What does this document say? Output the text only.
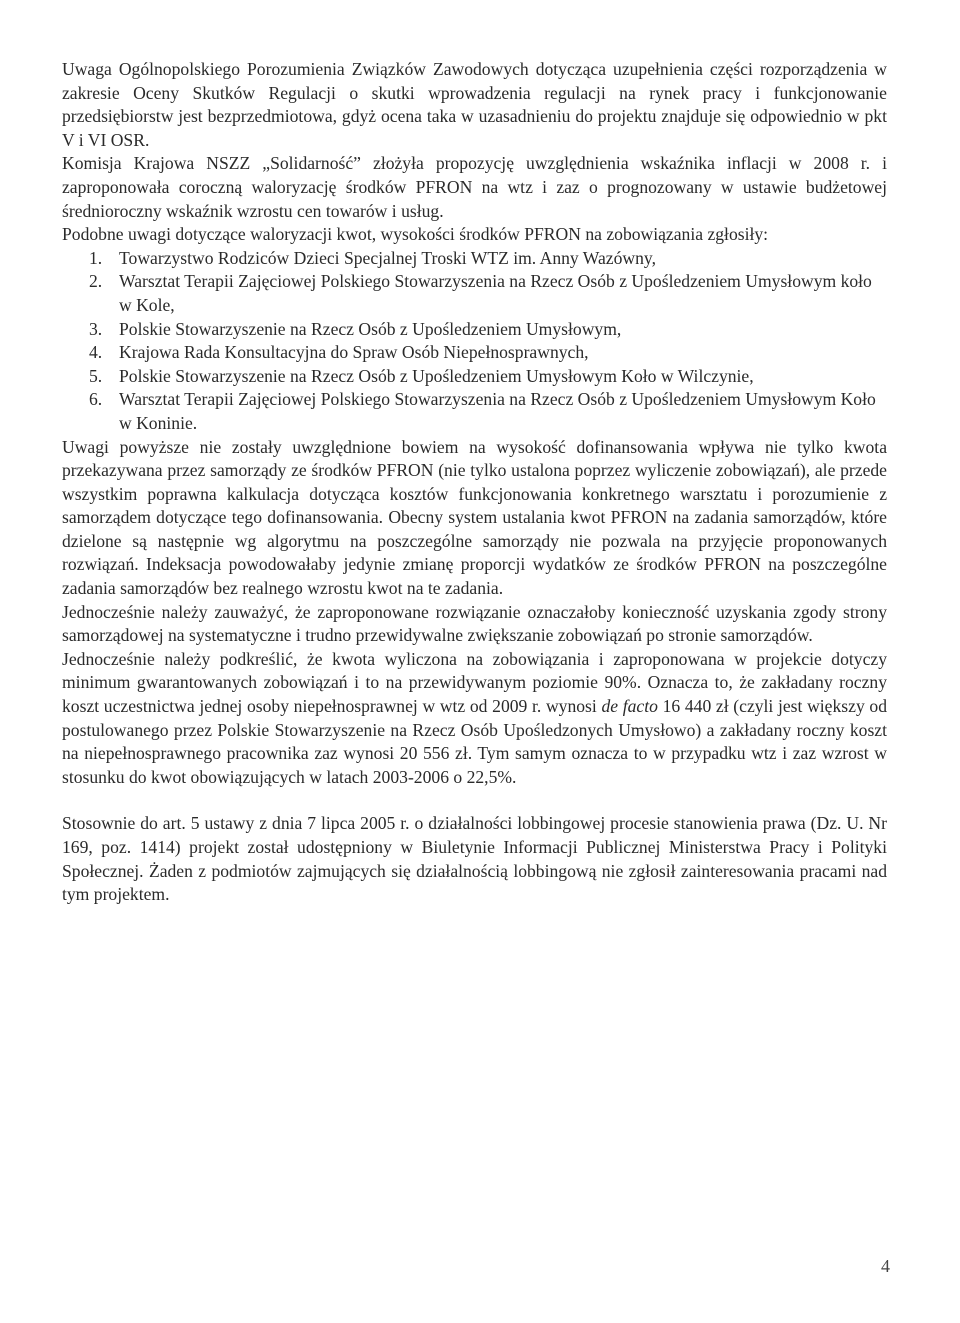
Uwaga Ogólnopolskiego Porozumienia Związków Zawodowych dotycząca uzupełnienia części rozporządzenia w zakresie Oceny Skutków Regulacji o skutki wprowadzenia regulacji na rynek pracy i funkcjonowanie przedsiębiorstw jest bezprzedmiotowa, gdyż ocena taka w uzasadnieniu do projektu znajduje się odpowiednio w pkt V i VI OSR.

Komisja Krajowa NSZZ „Solidarność” złożyła propozycję uwzględnienia wskaźnika inflacji w 2008 r. i zaproponowała coroczną waloryzację środków PFRON na wtz i zaz o prognozowany w ustawie budżetowej średnioroczny wskaźnik wzrostu cen towarów i usług.

Podobne uwagi dotyczące waloryzacji kwot, wysokości środków PFRON na zobowiązania zgłosiły:

1. Towarzystwo Rodziców Dzieci Specjalnej Troski WTZ im. Anny Wazówny,
2. Warsztat Terapii Zajęciowej Polskiego Stowarzyszenia na Rzecz Osób z Upośledzeniem Umysłowym koło w Kole,
3. Polskie Stowarzyszenie na Rzecz Osób z Upośledzeniem Umysłowym,
4. Krajowa Rada Konsultacyjna do Spraw Osób Niepełnosprawnych,
5. Polskie Stowarzyszenie na Rzecz Osób z Upośledzeniem Umysłowym Koło w Wilczynie,
6. Warsztat Terapii Zajęciowej Polskiego Stowarzyszenia na Rzecz Osób z Upośledzeniem Umysłowym Koło w Koninie.

Uwagi powyższe nie zostały uwzględnione bowiem na wysokość dofinansowania wpływa nie tylko kwota przekazywana przez samorządy ze środków PFRON (nie tylko ustalona poprzez wyliczenie zobowiązań), ale przede wszystkim poprawna kalkulacja dotycząca kosztów funkcjonowania konkretnego warsztatu i porozumienie z samorządem dotyczące tego dofinansowania. Obecny system ustalania kwot PFRON na zadania samorządów, które dzielone są następnie wg algorytmu na poszczególne samorządy nie pozwala na przyjęcie proponowanych rozwiązań. Indeksacja powodowałaby jedynie zmianę proporcji wydatków ze środków PFRON na poszczególne zadania samorządów bez realnego wzrostu kwot na te zadania.

Jednocześnie należy zauważyć, że zaproponowane rozwiązanie oznaczałoby konieczność uzyskania zgody strony samorządowej na systematyczne i trudno przewidywalne zwiększanie zobowiązań po stronie samorządów.

Jednocześnie należy podkreślić, że kwota wyliczona na zobowiązania i zaproponowana w projekcie dotyczy minimum gwarantowanych zobowiązań i to na przewidywanym poziomie 90%. Oznacza to, że zakładany roczny koszt uczestnictwa jednej osoby niepełnosprawnej w wtz od 2009 r. wynosi de facto 16 440 zł (czyli jest większy od postulowanego przez Polskie Stowarzyszenie na Rzecz Osób Upośledzonych Umysłowo) a zakładany roczny koszt na niepełnosprawnego pracownika zaz wynosi 20 556 zł. Tym samym oznacza to w przypadku wtz i zaz wzrost w stosunku do kwot obowiązujących w latach 2003-2006 o 22,5%.

Stosownie do art. 5 ustawy z dnia 7 lipca 2005 r. o działalności lobbingowej procesie stanowienia prawa (Dz. U. Nr 169, poz. 1414) projekt został udostępniony w Biuletynie Informacji Publicznej Ministerstwa Pracy i Polityki Społecznej. Żaden z podmiotów zajmujących się działalnością lobbingową nie zgłosił zainteresowania pracami nad tym projektem.

4
